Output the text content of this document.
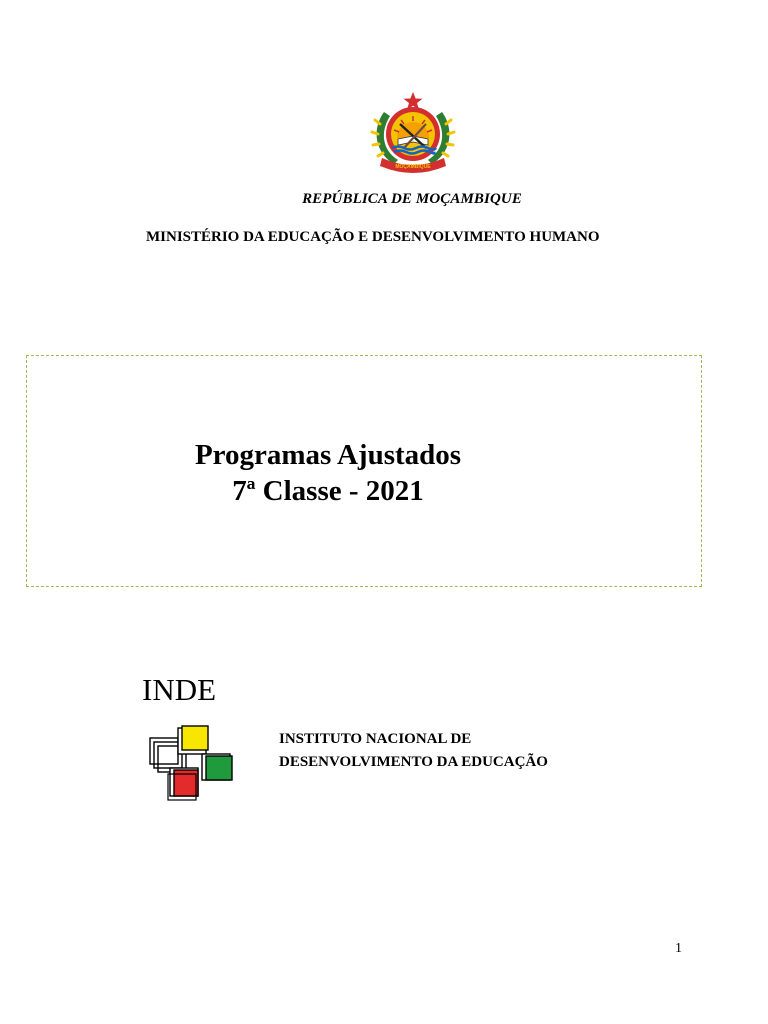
MOÇAMBIQUE
REPÚBLICA DE MOÇAMBIQUE
MINISTÉRIO DA EDUCAÇÃO E DESENVOLVIMENTO HUMANO
Programas Ajustados
7ª Classe - 2021
INDE
INSTITUTO NACIONAL DE
DESENVOLVIMENTO DA EDUCAÇÃO
1
